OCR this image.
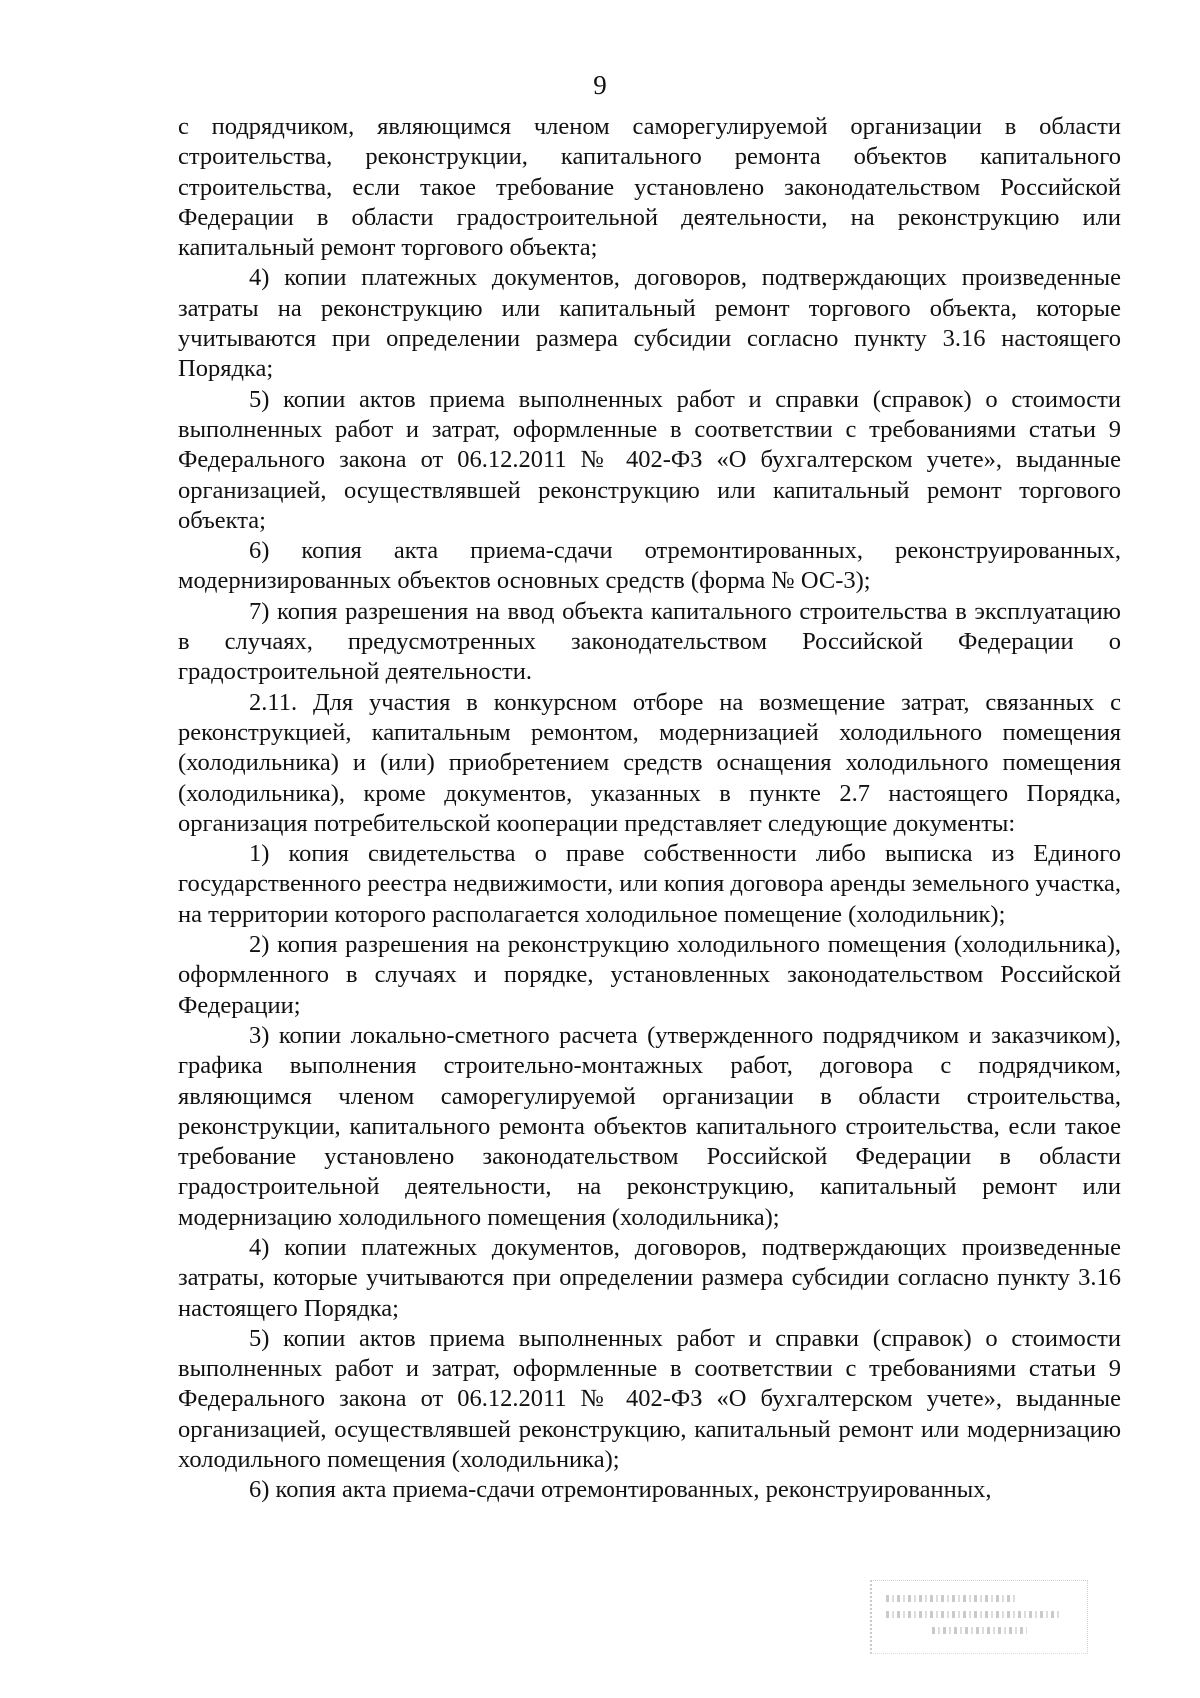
9

с подрядчиком, являющимся членом саморегулируемой организации в области строительства, реконструкции, капитального ремонта объектов капитального строительства, если такое требование установлено законодательством Российской Федерации в области градостроительной деятельности, на реконструкцию или капитальный ремонт торгового объекта;

4) копии платежных документов, договоров, подтверждающих произведенные затраты на реконструкцию или капитальный ремонт торгового объекта, которые учитываются при определении размера субсидии согласно пункту 3.16 настоящего Порядка;

5) копии актов приема выполненных работ и справки (справок) о стоимости выполненных работ и затрат, оформленные в соответствии с требованиями статьи 9 Федерального закона от 06.12.2011 № 402-ФЗ «О бухгалтерском учете», выданные организацией, осуществлявшей реконструкцию или капитальный ремонт торгового объекта;

6) копия акта приема-сдачи отремонтированных, реконструированных, модернизированных объектов основных средств (форма № ОС-3);

7) копия разрешения на ввод объекта капитального строительства в эксплуатацию в случаях, предусмотренных законодательством Российской Федерации о градостроительной деятельности.

2.11. Для участия в конкурсном отборе на возмещение затрат, связанных с реконструкцией, капитальным ремонтом, модернизацией холодильного помещения (холодильника) и (или) приобретением средств оснащения холодильного помещения (холодильника), кроме документов, указанных в пункте 2.7 настоящего Порядка, организация потребительской кооперации представляет следующие документы:

1) копия свидетельства о праве собственности либо выписка из Единого государственного реестра недвижимости, или копия договора аренды земельного участка, на территории которого располагается холодильное помещение (холодильник);

2) копия разрешения на реконструкцию холодильного помещения (холодильника), оформленного в случаях и порядке, установленных законодательством Российской Федерации;

3) копии локально-сметного расчета (утвержденного подрядчиком и заказчиком), графика выполнения строительно-монтажных работ, договора с подрядчиком, являющимся членом саморегулируемой организации в области строительства, реконструкции, капитального ремонта объектов капитального строительства, если такое требование установлено законодательством Российской Федерации в области градостроительной деятельности, на реконструкцию, капитальный ремонт или модернизацию холодильного помещения (холодильника);

4) копии платежных документов, договоров, подтверждающих произведенные затраты, которые учитываются при определении размера субсидии согласно пункту 3.16 настоящего Порядка;

5) копии актов приема выполненных работ и справки (справок) о стоимости выполненных работ и затрат, оформленные в соответствии с требованиями статьи 9 Федерального закона от 06.12.2011 № 402-ФЗ «О бухгалтерском учете», выданные организацией, осуществлявшей реконструкцию, капитальный ремонт или модернизацию холодильного помещения (холодильника);

6) копия акта приема-сдачи отремонтированных, реконструированных,
